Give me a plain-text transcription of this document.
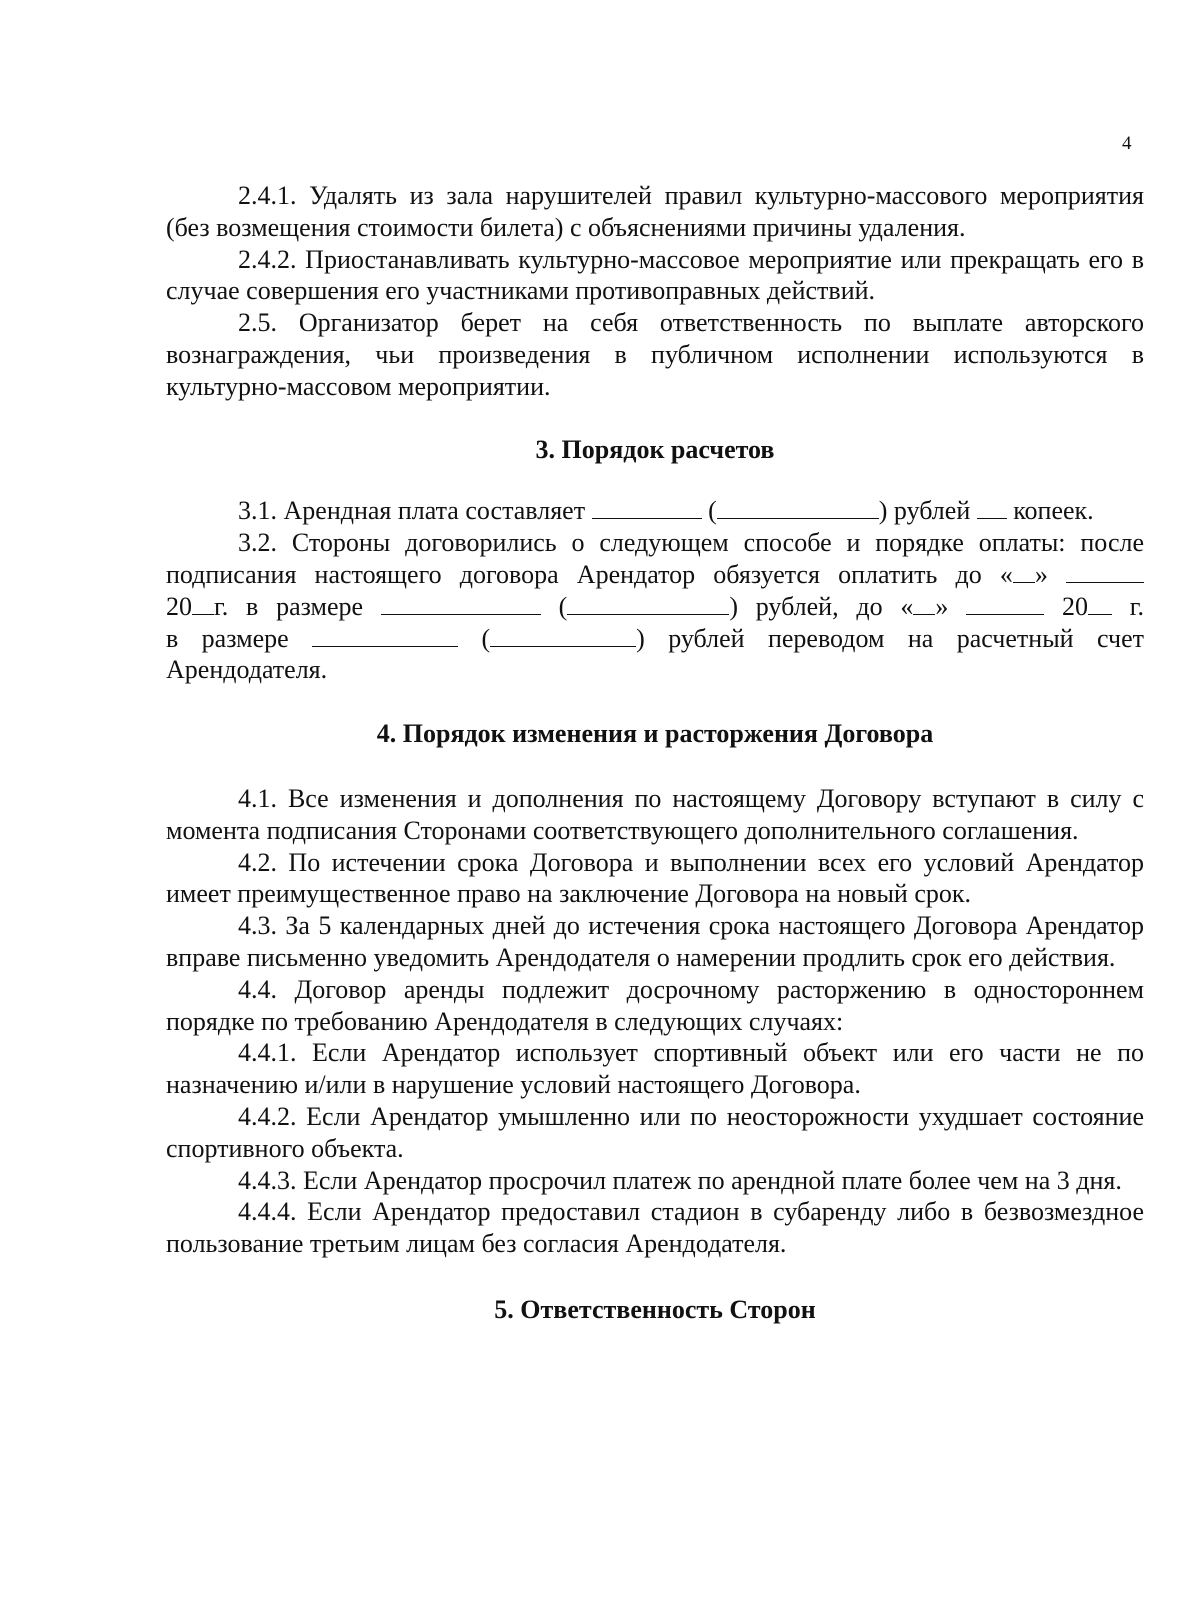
4

2.4.1. Удалять из зала нарушителей правил культурно-массового мероприятия (без возмещения стоимости билета) с объяснениями причины удаления.

2.4.2. Приостанавливать культурно-массовое мероприятие или прекращать его в случае совершения его участниками противоправных действий.

2.5. Организатор берет на себя ответственность по выплате авторского вознаграждения, чьи произведения в публичном исполнении используются в культурно-массовом мероприятии.

3. Порядок расчетов

3.1. Арендная плата составляет	(	) рублей копеек.

3.2. Стороны договорились о следующем способе и порядке оплаты: после

подписания настоящего договора Арендатор обязуется оплатить до « »

20 г. в размере	(	) рублей, до « »	20 г.

в размере	(	) рублей переводом на расчетный счет

Арендодателя.

4. Порядок изменения и расторжения Договора

4.1. Все изменения и дополнения по настоящему Договору вступают в силу с момента подписания Сторонами соответствующего дополнительного соглашения.

4.2. По истечении срока Договора и выполнении всех его условий Арендатор имеет преимущественное право на заключение Договора на новый срок.

4.3. За 5 календарных дней до истечения срока настоящего Договора Арендатор вправе письменно уведомить Арендодателя о намерении продлить срок его действия.

4.4. Договор аренды подлежит досрочному расторжению в одностороннем порядке по требованию Арендодателя в следующих случаях:

4.4.1. Если Арендатор использует спортивный объект или его части не по назначению и/или в нарушение условий настоящего Договора.

4.4.2. Если Арендатор умышленно или по неосторожности ухудшает состояние спортивного объекта.

4.4.3. Если Арендатор просрочил платеж по арендной плате более чем на 3 дня.

4.4.4. Если Арендатор предоставил стадион в субаренду либо в безвозмездное пользование третьим лицам без согласия Арендодателя.

5. Ответственность Сторон
